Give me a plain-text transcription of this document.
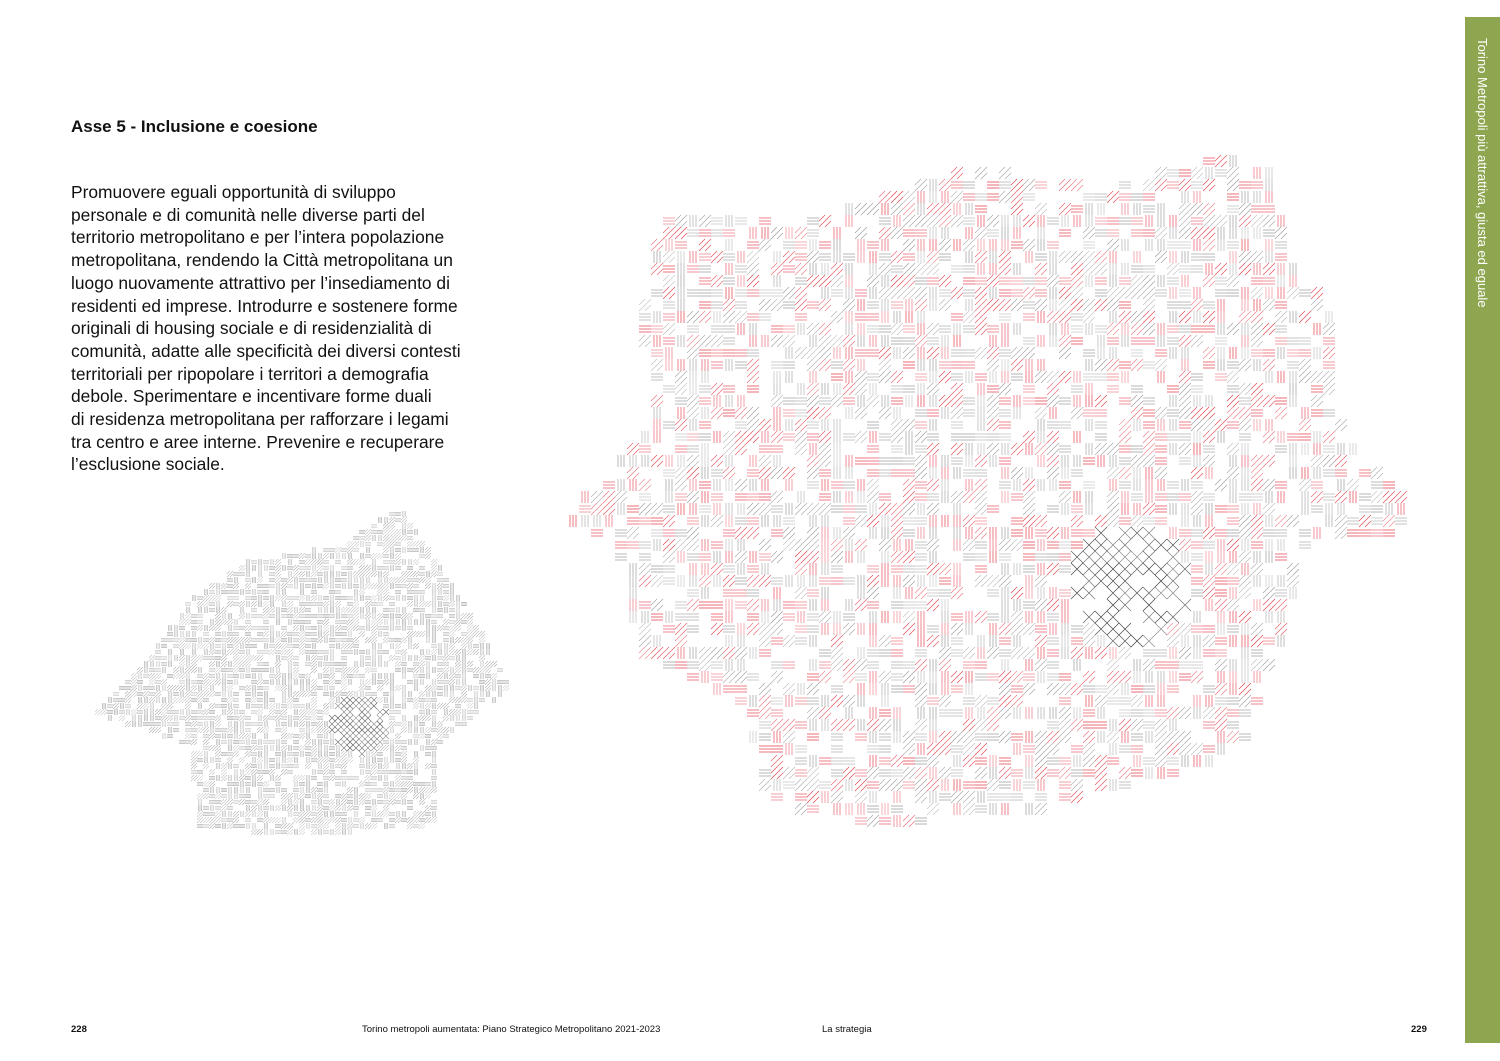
Torino Metropoli più attrattiva, giusta ed eguale
Asse 5 - Inclusione e coesione

Promuovere eguali opportunità di sviluppo
personale e di comunità nelle diverse parti del
territorio metropolitano e per l’intera popolazione
metropolitana, rendendo la Città metropolitana un
luogo nuovamente attrattivo per l’insediamento di
residenti ed imprese. Introdurre e sostenere forme
originali di housing sociale e di residenzialità di
comunità, adatte alle specificità dei diversi contesti
territoriali per ripopolare i territori a demografia
debole. Sperimentare e incentivare forme duali
di residenza metropolitana per rafforzare i legami
tra centro e aree interne. Prevenire e recuperare
l’esclusione sociale.

228	Torino metropoli aumentata: Piano Strategico Metropolitano 2021-2023	La strategia	229
